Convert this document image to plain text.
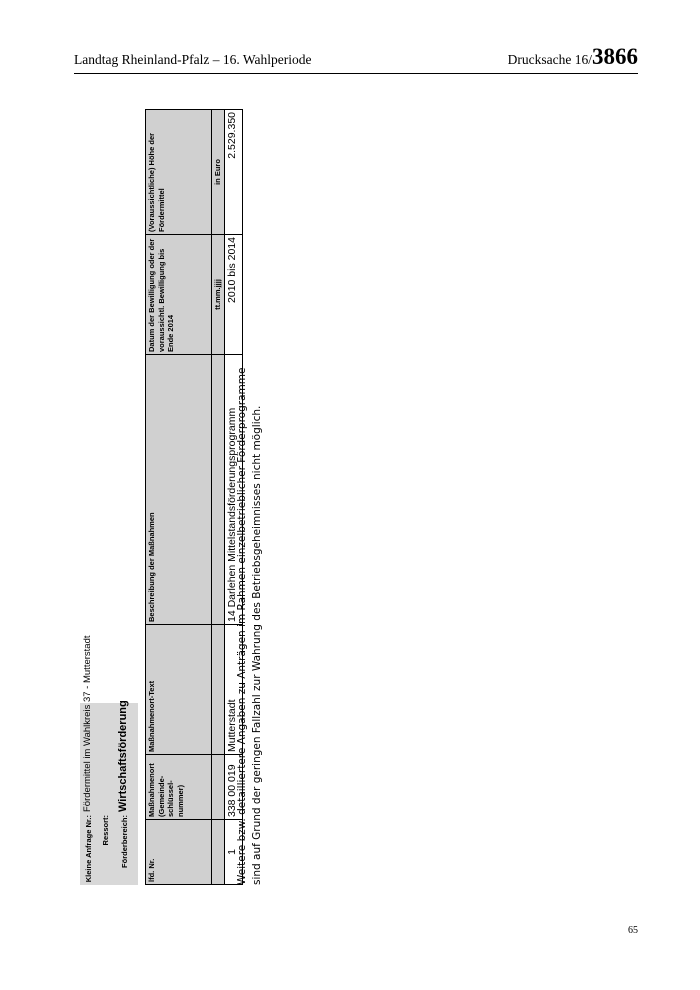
Landtag Rheinland-Pfalz – 16. Wahlperiode	Drucksache 16/3866
Kleine Anfrage Nr.:
Fördermittel im Wahlkreis 37 - Mutterstadt
Ressort: Förderbereich:
Wirtschaftsförderung
lfd. Nr.	Maßnahmenort (Gemeinde-schlüssel-nummer)	Maßnahmenort-Text	Beschreibung der Maßnahmen	Datum der Bewilligung oder der voraussichtl. Bewilligung bis Ende 2014	(Voraussichtliche) Höhe der Fördermittel
				tt.mm.jjjj	in Euro
1	338 00 019	Mutterstadt	14 Darlehen Mittelstandsförderungsprogramm	2010 bis 2014	2.529.350
Weitere bzw. detailliertere Angaben zu Anträgen im Rahmen einzelbetrieblicher Förderprogramme sind auf Grund der geringen Fallzahl zur Wahrung des Betriebsgeheimnisses nicht möglich.
65
